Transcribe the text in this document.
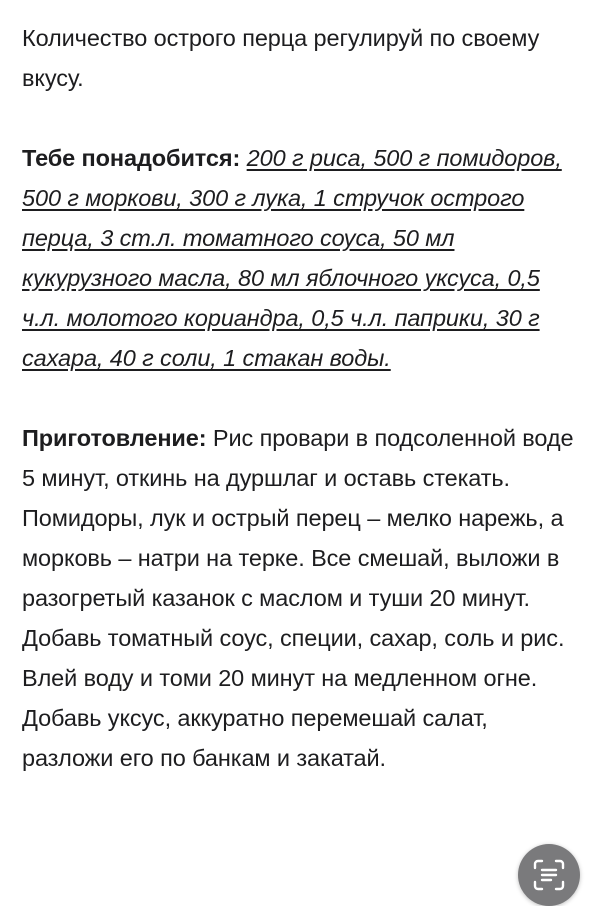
Количество острого перца регулируй по своему вкусу.

Тебе понадобится: 200 г риса, 500 г помидоров, 500 г моркови, 300 г лука, 1 стручок острого перца, 3 ст.л. томатного соуса, 50 мл кукурузного масла, 80 мл яблочного уксуса, 0,5 ч.л. молотого кориандра, 0,5 ч.л. паприки, 30 г сахара, 40 г соли, 1 стакан воды.

Приготовление: Рис провари в подсоленной воде 5 минут, откинь на дуршлаг и оставь стекать. Помидоры, лук и острый перец – мелко нарежь, а морковь – натри на терке. Все смешай, выложи в разогретый казанок с маслом и туши 20 минут. Добавь томатный соус, специи, сахар, соль и рис. Влей воду и томи 20 минут на медленном огне. Добавь уксус, аккуратно перемешай салат, разложи его по банкам и закатай.
